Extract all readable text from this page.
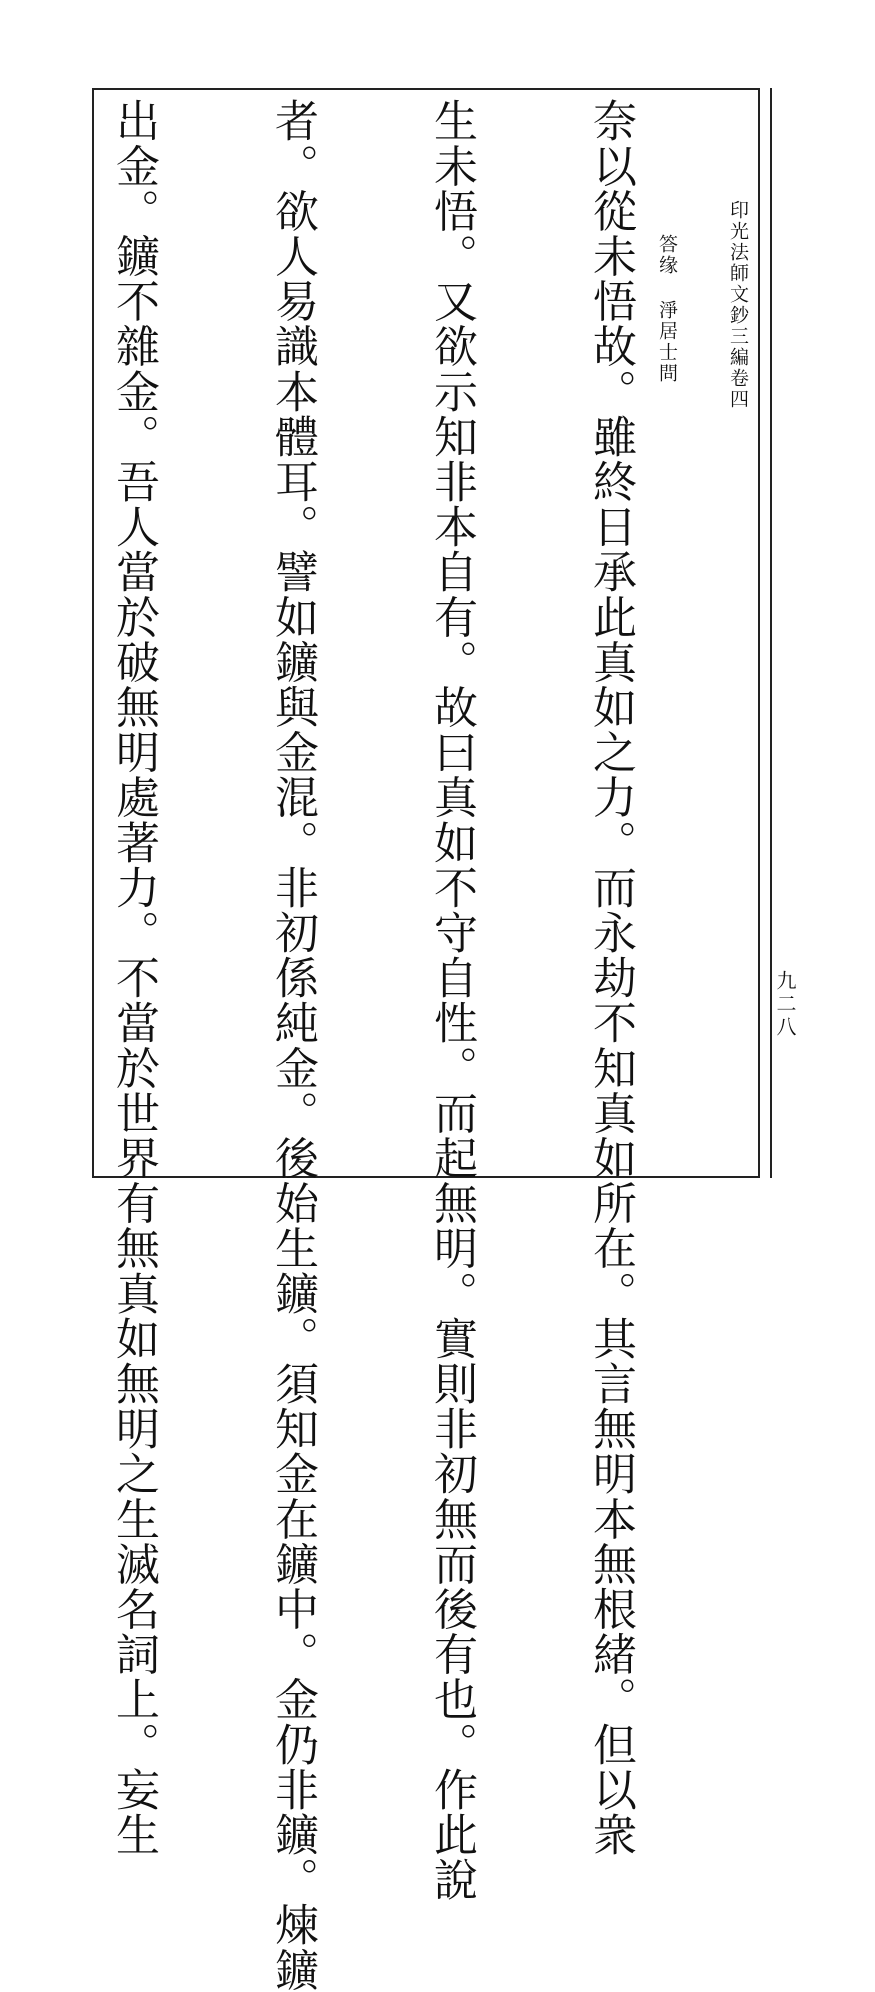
印光法師文鈔三編卷四

答缘 淨居士問

九二八

奈以從未悟故。雖終日承此真如之力。而永劫不知真如所在。其言無明本無根緒。但以衆

生未悟。又欲示知非本自有。故曰真如不守自性。而起無明。實則非初無而後有也。作此說

者。欲人易識本體耳。譬如鑛與金混。非初係純金。後始生鑛。須知金在鑛中。金仍非鑛。煉鑛

出金。鑛不雜金。吾人當於破無明處著力。不當於世界有無真如無明之生滅名詞上。妄生
